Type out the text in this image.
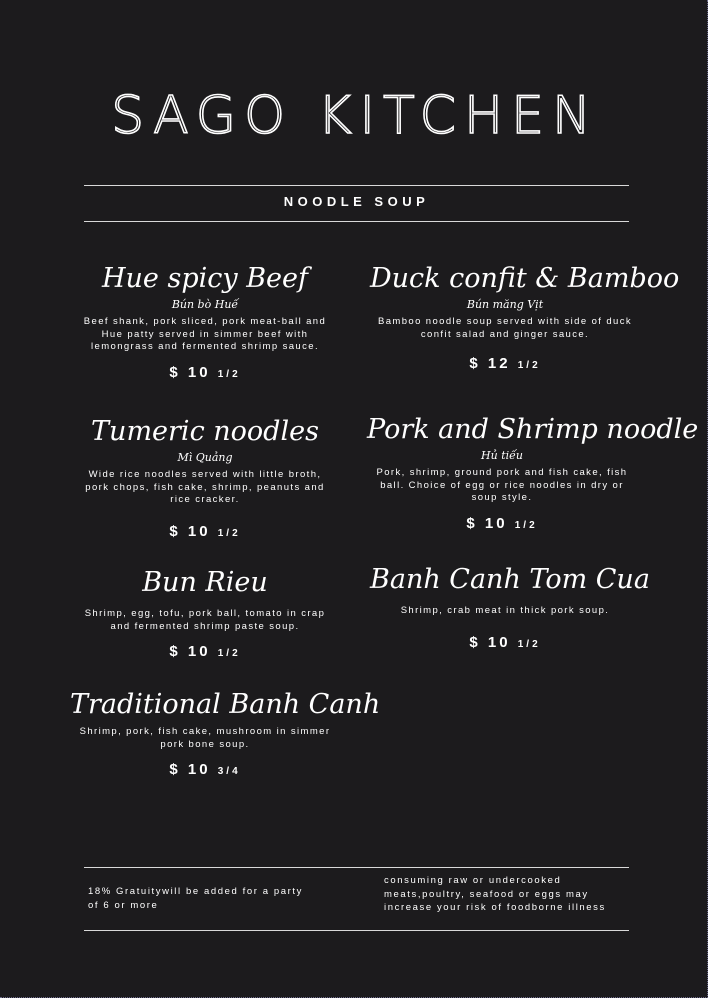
SAGO KITCHEN
NOODLE SOUP
Hue spicy Beef
Bún bò Huế
Beef shank, pork sliced, pork meat-ball and Hue patty served in simmer beef with lemongrass and fermented shrimp sauce.
$ 10 1/2
Tumeric noodles
Mì Quảng
Wide rice noodles served with little broth, pork chops, fish cake, shrimp, peanuts and rice cracker.
$ 10 1/2
Bun Rieu
Shrimp, egg, tofu, pork ball, tomato in crap and fermented shrimp paste soup.
$ 10 1/2
Traditional Banh Canh
Shrimp, pork, fish cake, mushroom in simmer pork bone soup.
$ 10 3/4
Duck confit & Bamboo
Bún măng Vịt
Bamboo noodle soup served with side of duck confit salad and ginger sauce.
$ 12 1/2
Pork and Shrimp noodle
Hủ tiếu
Pork, shrimp, ground pork and fish cake, fish ball. Choice of egg or rice noodles in dry or soup style.
$ 10 1/2
Banh Canh Tom Cua
Shrimp, crab meat in thick pork soup.
$ 10 1/2
18% Gratuitywill be added for a party of 6 or more
consuming raw or undercooked meats,poultry, seafood or eggs may increase your risk of foodborne illness
